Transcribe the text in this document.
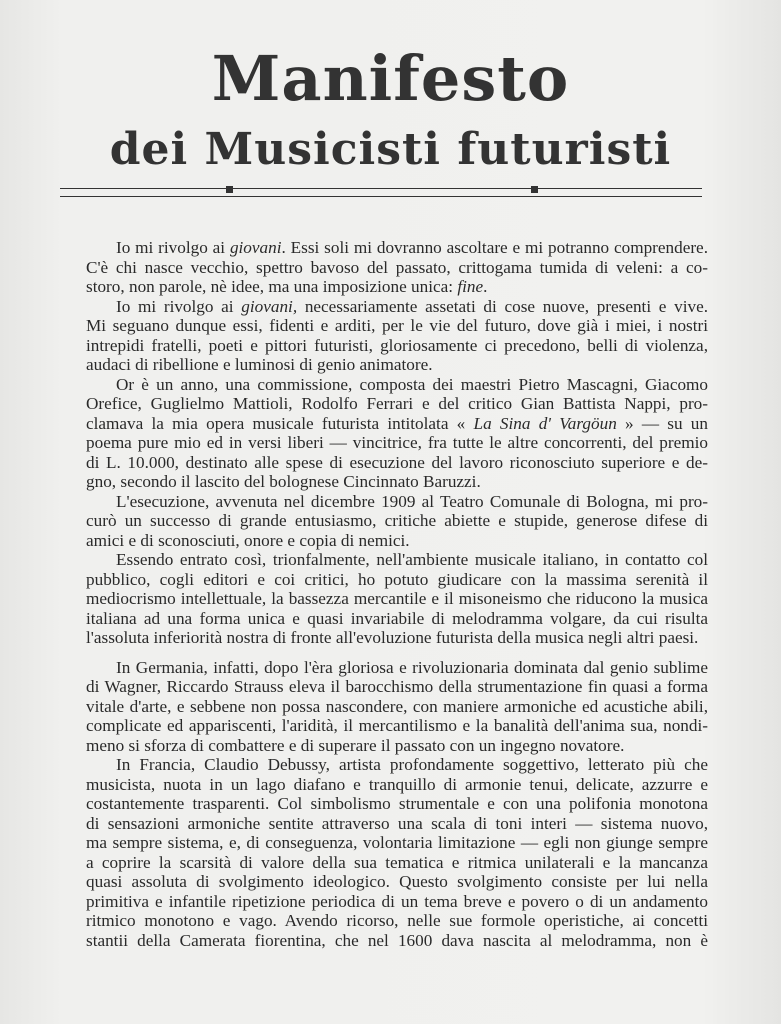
Manifesto
dei Musicisti futuristi
Io mi rivolgo ai giovani. Essi soli mi dovranno ascoltare e mi potranno comprendere.
C'è chi nasce vecchio, spettro bavoso del passato, crittogama tumida di veleni: a co-
storo, non parole, nè idee, ma una imposizione unica: fine.
Io mi rivolgo ai giovani, necessariamente assetati di cose nuove, presenti e vive.
Mi seguano dunque essi, fidenti e arditi, per le vie del futuro, dove già i miei, i nostri
intrepidi fratelli, poeti e pittori futuristi, gloriosamente ci precedono, belli di violenza,
audaci di ribellione e luminosi di genio animatore.
Or è un anno, una commissione, composta dei maestri Pietro Mascagni, Giacomo
Orefice, Guglielmo Mattioli, Rodolfo Ferrari e del critico Gian Battista Nappi, pro-
clamava la mia opera musicale futurista intitolata « La Sina d' Vargöun » — su un
poema pure mio ed in versi liberi — vincitrice, fra tutte le altre concorrenti, del premio
di L. 10.000, destinato alle spese di esecuzione del lavoro riconosciuto superiore e de-
gno, secondo il lascito del bolognese Cincinnato Baruzzi.
L'esecuzione, avvenuta nel dicembre 1909 al Teatro Comunale di Bologna, mi pro-
curò un successo di grande entusiasmo, critiche abiette e stupide, generose difese di
amici e di sconosciuti, onore e copia di nemici.
Essendo entrato così, trionfalmente, nell'ambiente musicale italiano, in contatto col
pubblico, cogli editori e coi critici, ho potuto giudicare con la massima serenità il
mediocrismo intellettuale, la bassezza mercantile e il misoneismo che riducono la musica
italiana ad una forma unica e quasi invariabile di melodramma volgare, da cui risulta
l'assoluta inferiorità nostra di fronte all'evoluzione futurista della musica negli altri paesi.
In Germania, infatti, dopo l'èra gloriosa e rivoluzionaria dominata dal genio sublime
di Wagner, Riccardo Strauss eleva il barocchismo della strumentazione fin quasi a forma
vitale d'arte, e sebbene non possa nascondere, con maniere armoniche ed acustiche abili,
complicate ed appariscenti, l'aridità, il mercantilismo e la banalità dell'anima sua, nondi-
meno si sforza di combattere e di superare il passato con un ingegno novatore.
In Francia, Claudio Debussy, artista profondamente soggettivo, letterato più che
musicista, nuota in un lago diafano e tranquillo di armonie tenui, delicate, azzurre e
costantemente trasparenti. Col simbolismo strumentale e con una polifonia monotona
di sensazioni armoniche sentite attraverso una scala di toni interi — sistema nuovo,
ma sempre sistema, e, di conseguenza, volontaria limitazione — egli non giunge sempre
a coprire la scarsità di valore della sua tematica e ritmica unilaterali e la mancanza
quasi assoluta di svolgimento ideologico. Questo svolgimento consiste per lui nella
primitiva e infantile ripetizione periodica di un tema breve e povero o di un andamento
ritmico monotono e vago. Avendo ricorso, nelle sue formole operistiche, ai concetti
stantii della Camerata fiorentina, che nel 1600 dava nascita al melodramma, non è
